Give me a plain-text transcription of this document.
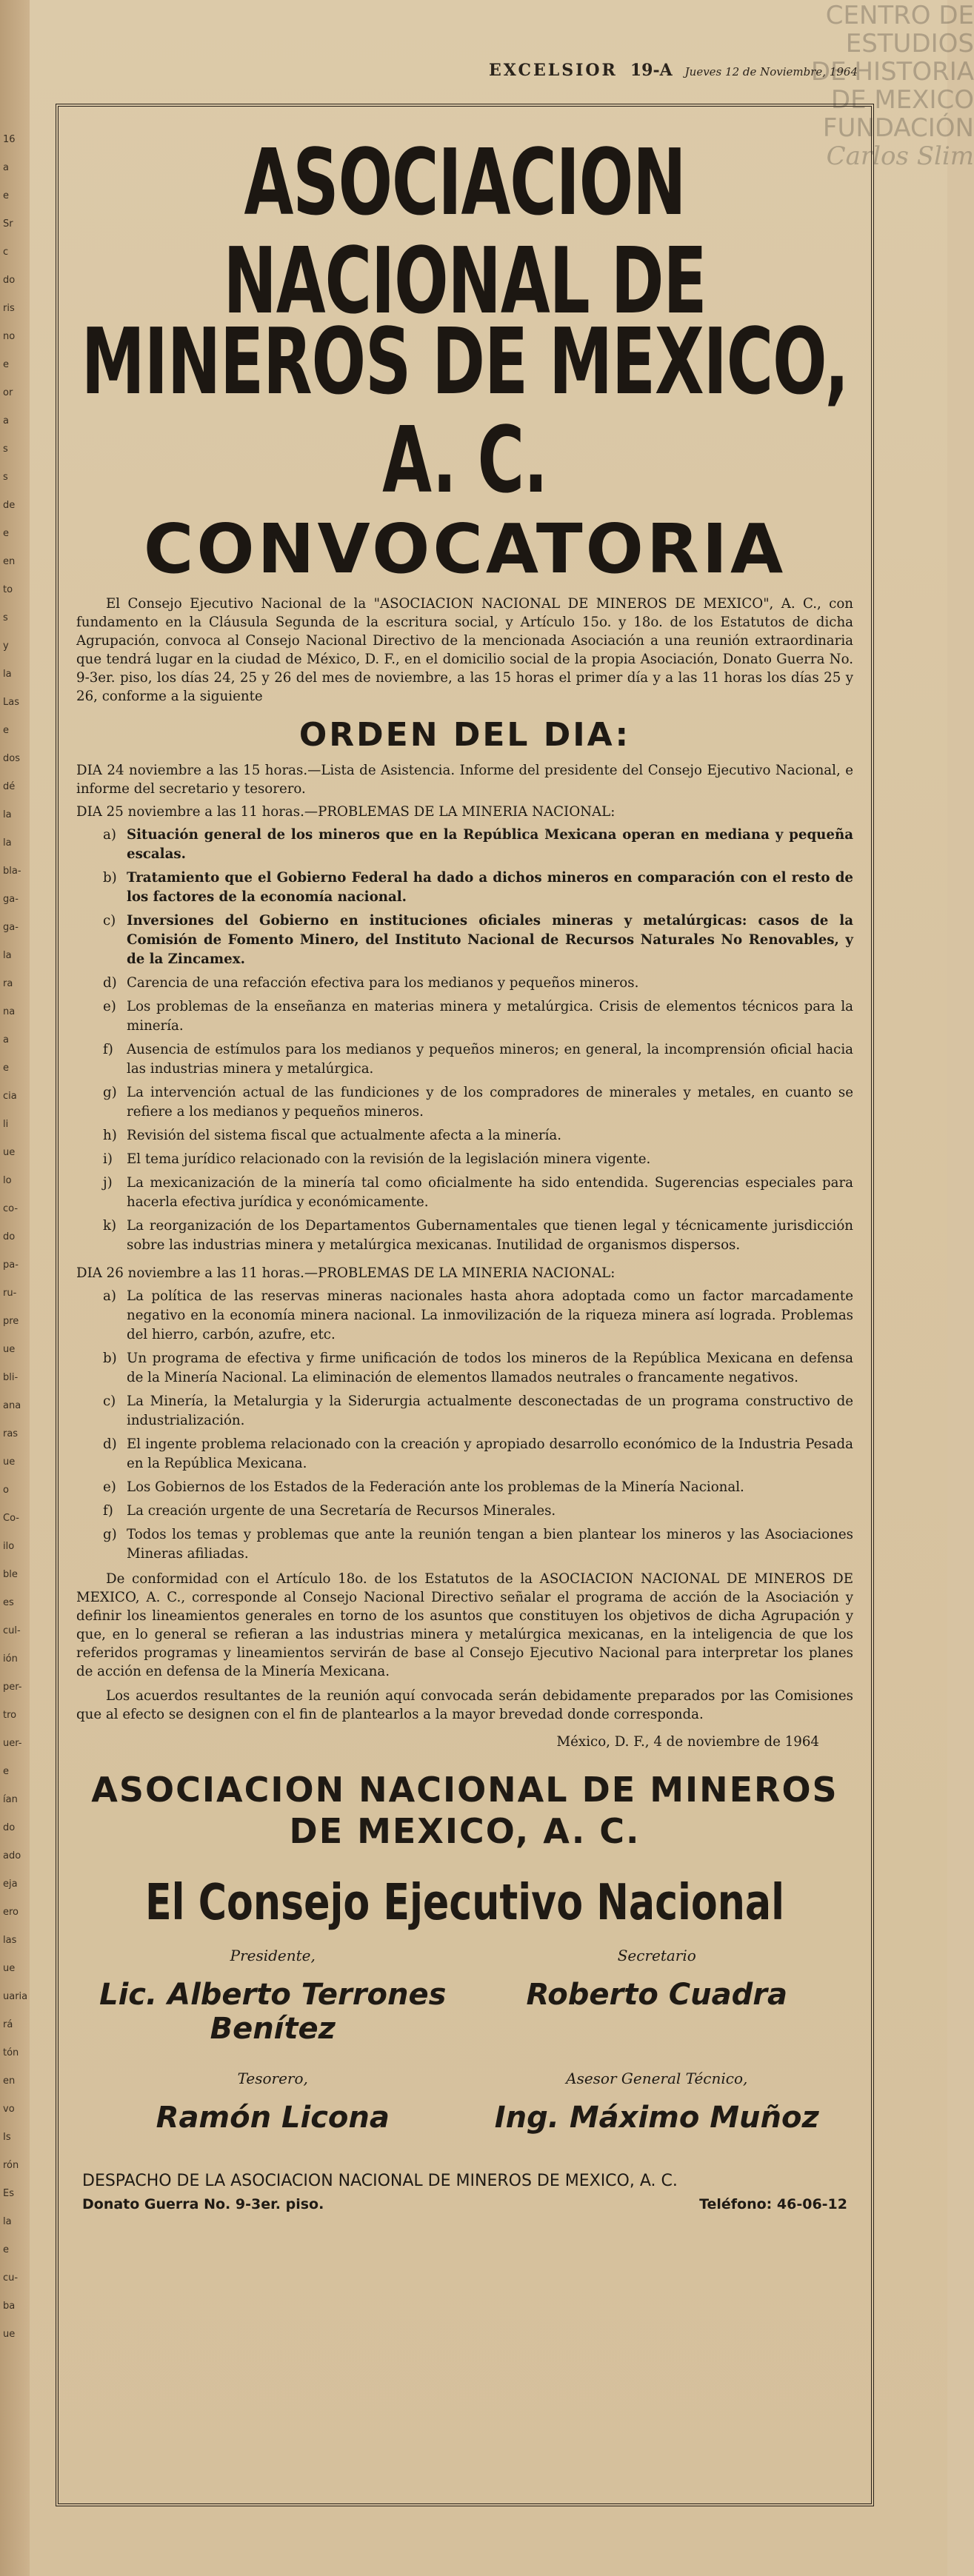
16
a
e
Sr
c
do
ris
no
e
or
a
s
s
de
e
en
to
s
y
la
Las
e
dos
dé
la
la
bla-
ga-
ga-
la
ra
na
a
e
cia
li
ue
lo
co-
do
pa-
ru-
pre
ue
bli-
ana
ras
ue
o
Co-
ilo
ble
es
cul-
ión
per-
tro
uer-
e
ían
do
ado
eja
ero
las
ue
uaria
rá
tón
en
vo
Is
rón
Es
la
e
cu-
ba
ue
CENTRO DE
ESTUDIOS
DE HISTORIA
DE MEXICO
FUNDACIÓN
Carlos Slim
EXCELSIOR 19-A Jueves 12 de Noviembre, 1964
ASOCIACION NACIONAL DE
MINEROS DE MEXICO, A. C.
CONVOCATORIA

El Consejo Ejecutivo Nacional de la "ASOCIACION NACIONAL DE MINEROS DE MEXICO", A. C., con fundamento en la Cláusula Segunda de la escritura social, y Artículo 15o. y 18o. de los Estatutos de dicha Agrupación, convoca al Consejo Nacional Directivo de la mencionada Asociación a una reunión extraordinaria que tendrá lugar en la ciudad de México, D. F., en el domicilio social de la propia Asociación, Donato Guerra No. 9-3er. piso, los días 24, 25 y 26 del mes de noviembre, a las 15 horas el primer día y a las 11 horas los días 25 y 26, conforme a la siguiente

ORDEN DEL DIA:
DIA 24 noviembre a las 15 horas.—Lista de Asistencia. Informe del presidente del Consejo Ejecutivo Nacional, e informe del secretario y tesorero.
DIA 25 noviembre a las 11 horas.—PROBLEMAS DE LA MINERIA NACIONAL:
a) Situación general de los mineros que en la República Mexicana operan en mediana y pequeña escalas.
b) Tratamiento que el Gobierno Federal ha dado a dichos mineros en comparación con el resto de los factores de la economía nacional.
c) Inversiones del Gobierno en instituciones oficiales mineras y metalúrgicas: casos de la Comisión de Fomento Minero, del Instituto Nacional de Recursos Naturales No Renovables, y de la Zincamex.
d) Carencia de una refacción efectiva para los medianos y pequeños mineros.
e) Los problemas de la enseñanza en materias minera y metalúrgica. Crisis de elementos técnicos para la minería.
f) Ausencia de estímulos para los medianos y pequeños mineros; en general, la incomprensión oficial hacia las industrias minera y metalúrgica.
g) La intervención actual de las fundiciones y de los compradores de minerales y metales, en cuanto se refiere a los medianos y pequeños mineros.
h) Revisión del sistema fiscal que actualmente afecta a la minería.
i)	El tema jurídico relacionado con la revisión de la legislación minera vigente.
j)	La mexicanización de la minería tal como oficialmente ha sido entendida. Sugerencias especiales para hacerla efectiva jurídica y económicamente.
k) La reorganización de los Departamentos Gubernamentales que tienen legal y técnicamente jurisdicción sobre las industrias minera y metalúrgica mexicanas. Inutilidad de organismos dispersos.
DIA 26 noviembre a las 11 horas.—PROBLEMAS DE LA MINERIA NACIONAL:
a) La política de las reservas mineras nacionales hasta ahora adoptada como un factor marcadamente negativo en la economía minera nacional. La inmovilización de la riqueza minera así lograda. Problemas del hierro, carbón, azufre, etc.
b) Un programa de efectiva y firme unificación de todos los mineros de la República Mexicana en defensa de la Minería Nacional. La eliminación de elementos llamados neutrales o francamente negativos.
c) La Minería, la Metalurgia y la Siderurgia actualmente desconectadas de un programa constructivo de industrialización.
d) El ingente problema relacionado con la creación y apropiado desarrollo económico de la Industria Pesada en la República Mexicana.
e) Los Gobiernos de los Estados de la Federación ante los problemas de la Minería Nacional.
f) La creación urgente de una Secretaría de Recursos Minerales.
g) Todos los temas y problemas que ante la reunión tengan a bien plantear los mineros y las Asociaciones Mineras afiliadas.

De conformidad con el Artículo 18o. de los Estatutos de la ASOCIACION NACIONAL DE MINEROS DE MEXICO, A. C., corresponde al Consejo Nacional Directivo señalar el programa de acción de la Asociación y definir los lineamientos generales en torno de los asuntos que constituyen los objetivos de dicha Agrupación y que, en lo general se refieran a las industrias minera y metalúrgica mexicanas, en la inteligencia de que los referidos programas y lineamientos servirán de base al Consejo Ejecutivo Nacional para interpretar los planes de acción en defensa de la Minería Mexicana.

Los acuerdos resultantes de la reunión aquí convocada serán debidamente preparados por las Comisiones que al efecto se designen con el fin de plantearlos a la mayor brevedad donde corresponda.

México, D. F., 4 de noviembre de 1964
ASOCIACION NACIONAL DE MINEROS
DE MEXICO, A. C.
El Consejo Ejecutivo Nacional
Presidente,
Lic. Alberto Terrones Benítez
Secretario
Roberto Cuadra
Tesorero,
Ramón Licona
Asesor General Técnico,
Ing. Máximo Muñoz
DESPACHO DE LA ASOCIACION NACIONAL DE MINEROS DE MEXICO, A. C.
Donato Guerra No. 9-3er. piso.	Teléfono: 46-06-12
